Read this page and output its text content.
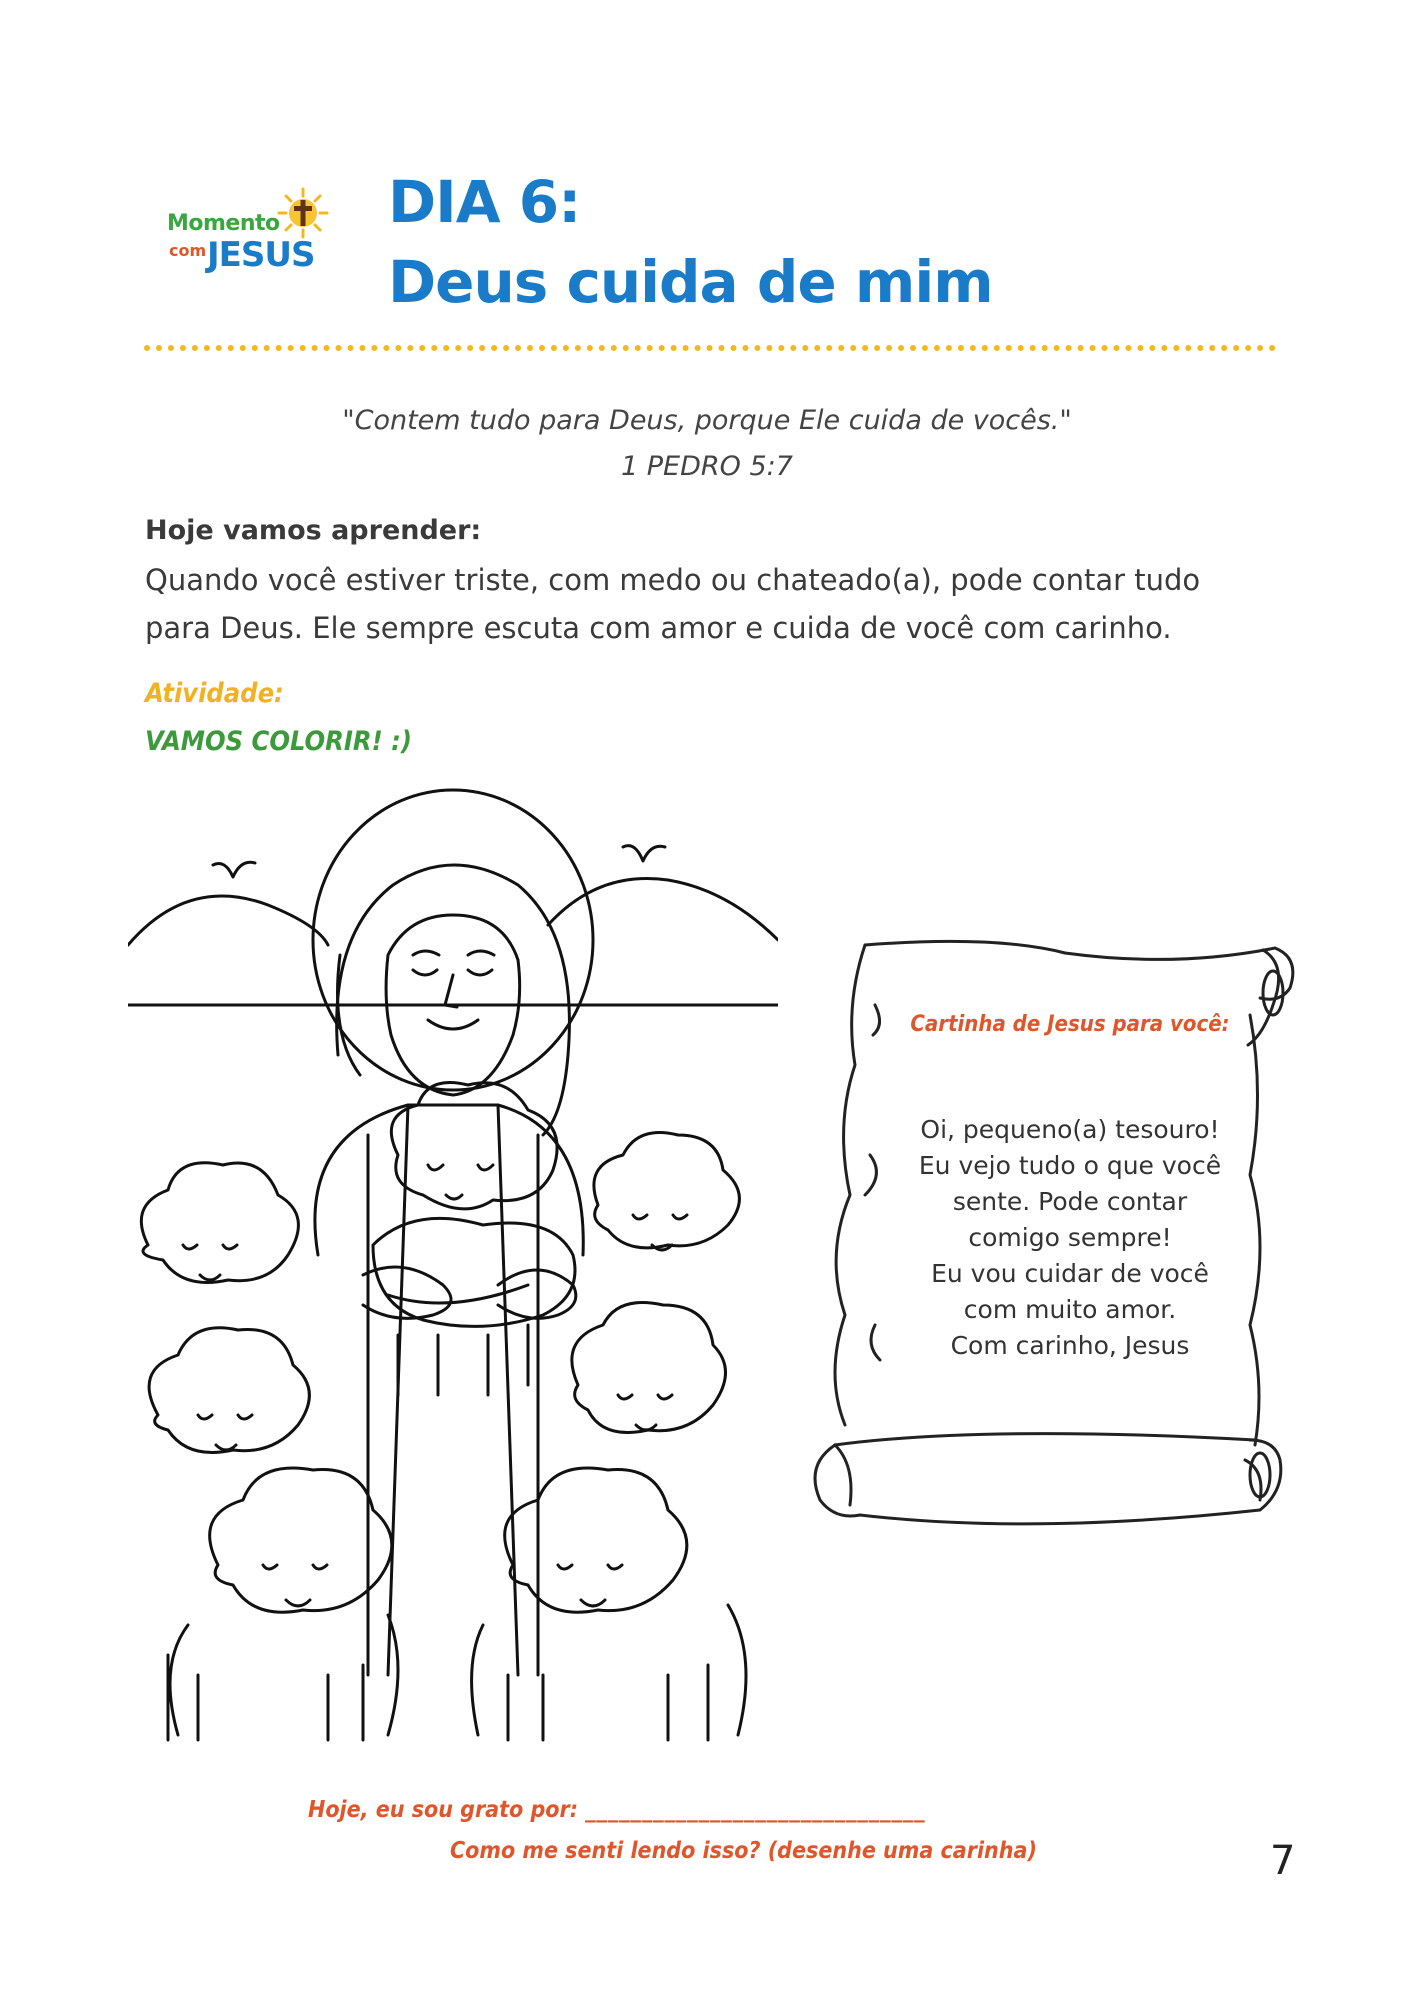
Momento
com JESUS
DIA 6:
Deus cuida de mim
"Contem tudo para Deus, porque Ele cuida de vocês."
1 PEDRO 5:7
Hoje vamos aprender:
Quando você estiver triste, com medo ou chateado(a), pode contar tudo para Deus. Ele sempre escuta com amor e cuida de você com carinho.
Atividade:
VAMOS COLORIR! :)
Cartinha de Jesus para você:
Oi, pequeno(a) tesouro!
Eu vejo tudo o que você
sente. Pode contar
comigo sempre!
Eu vou cuidar de você
com muito amor.
Com carinho, Jesus
Hoje, eu sou grato por: ______________________________
Como me senti lendo isso? (desenhe uma carinha)	7
